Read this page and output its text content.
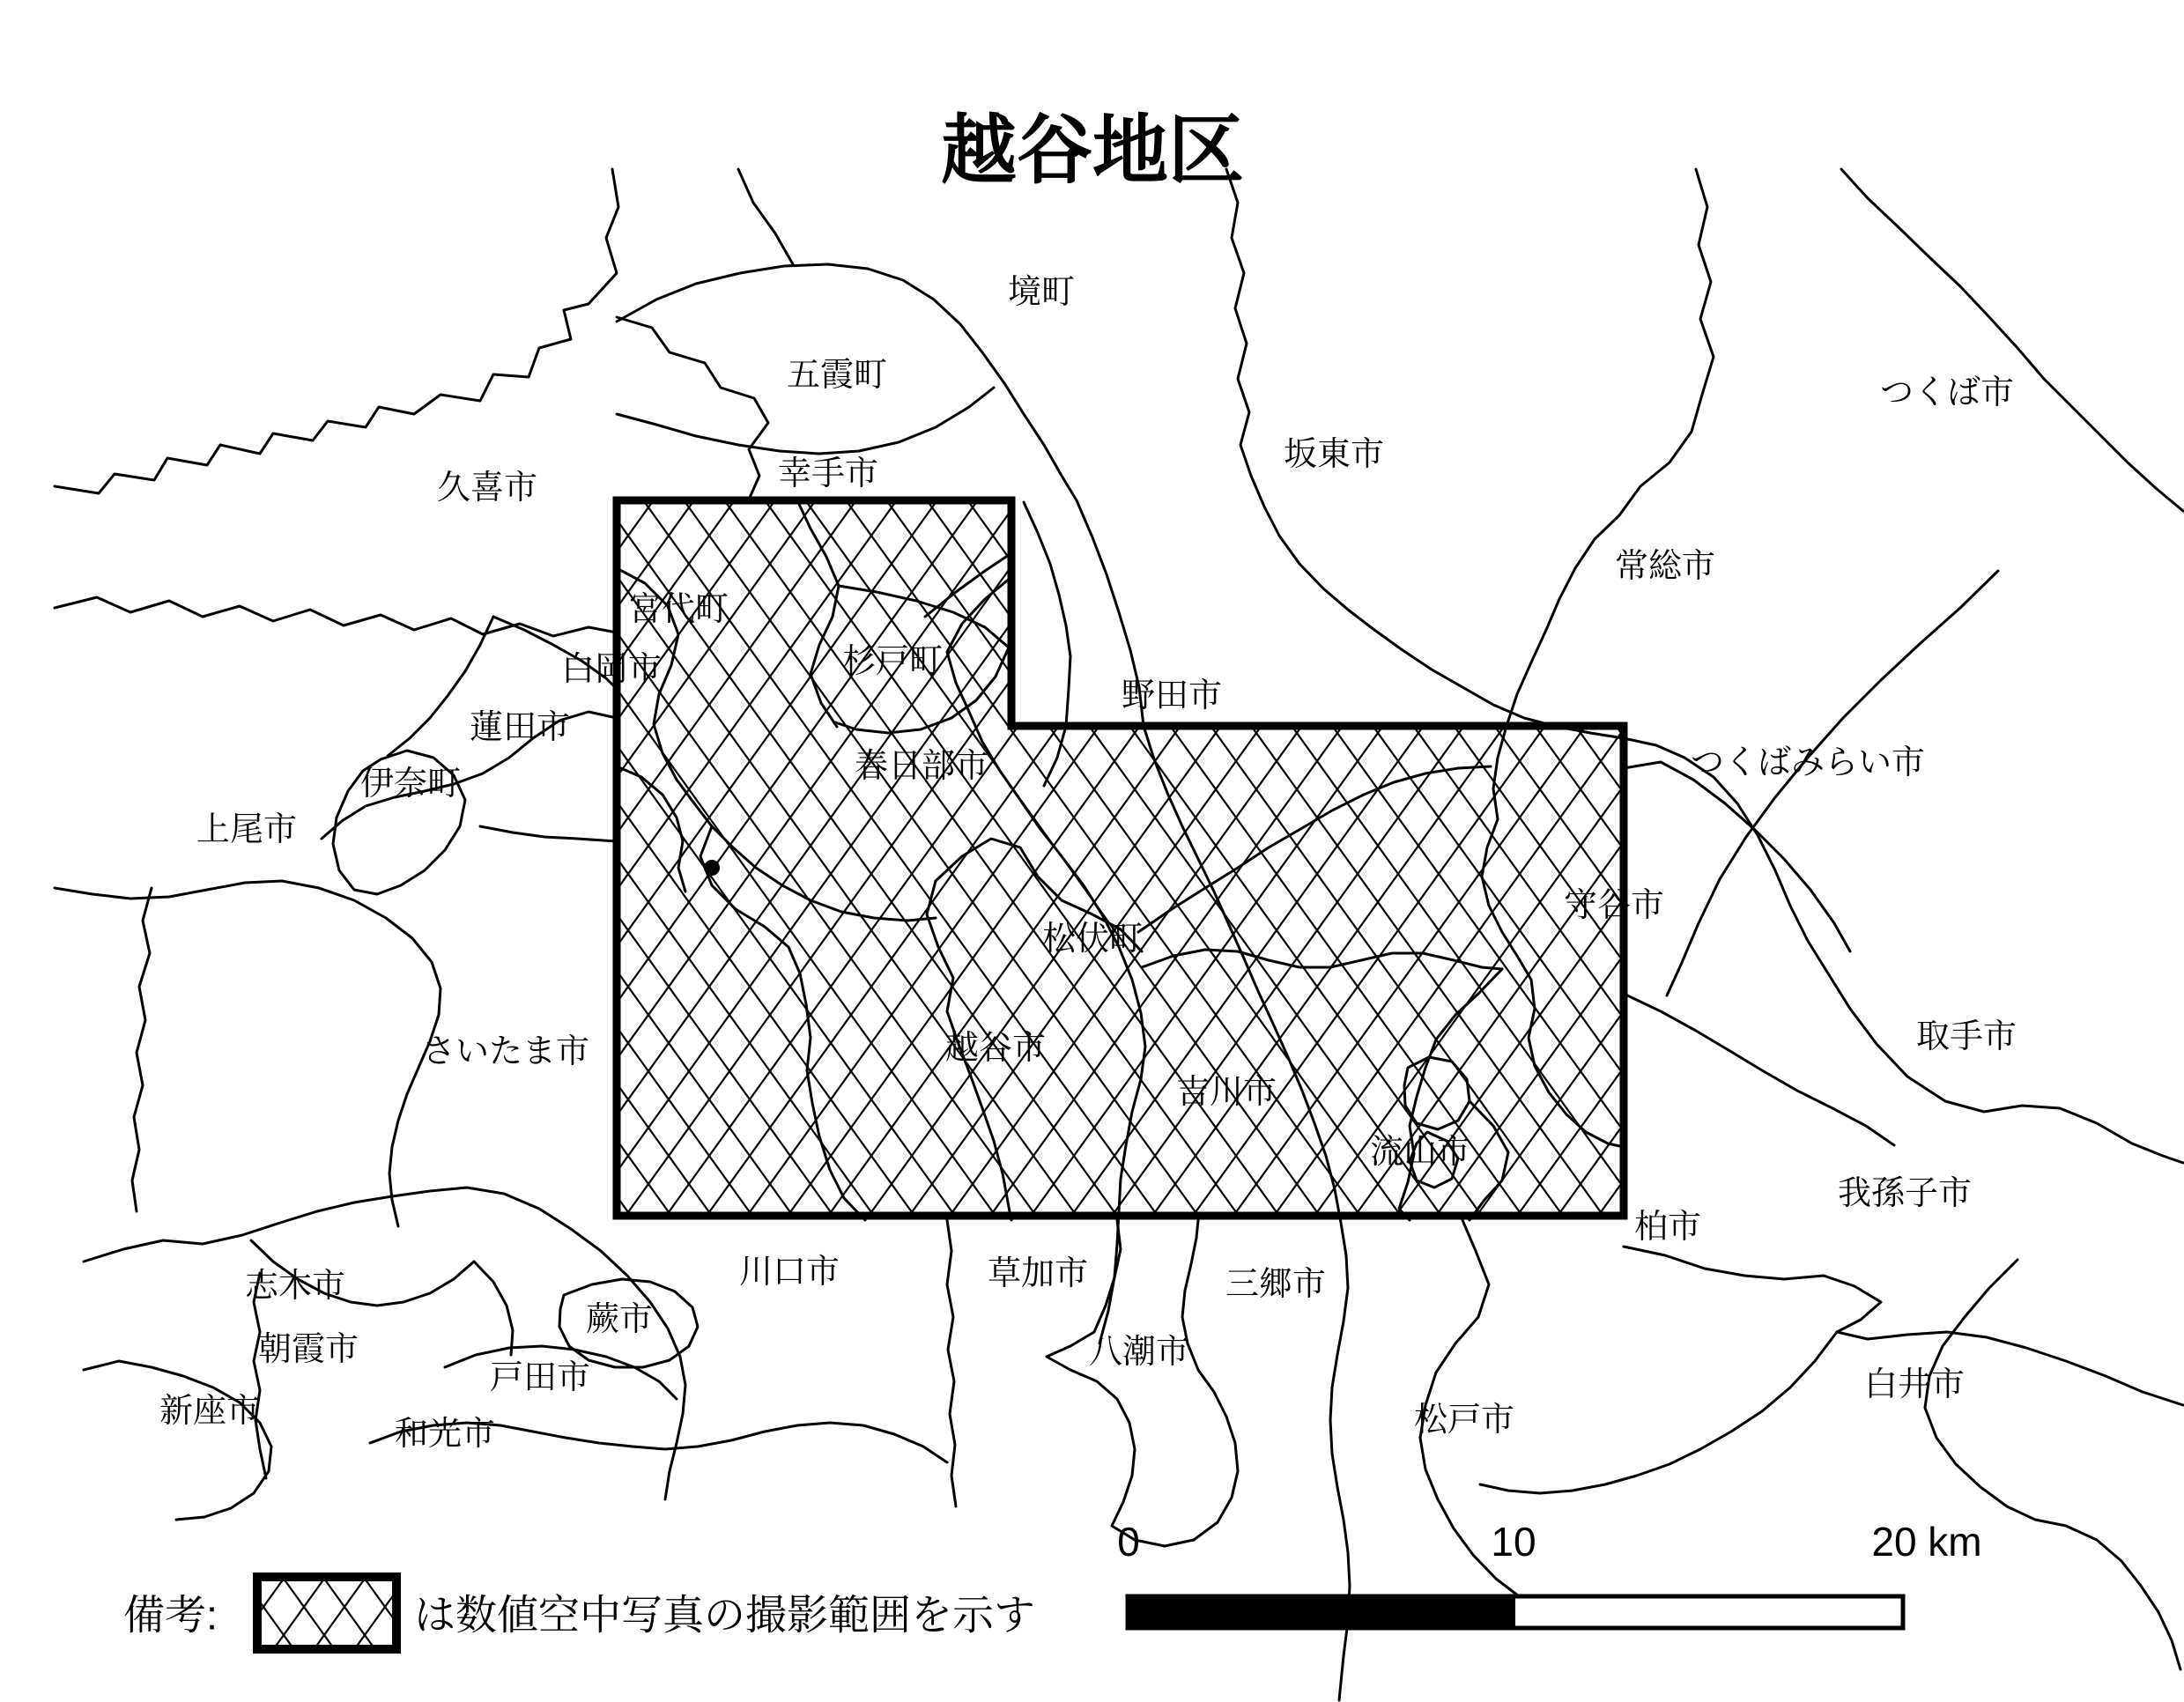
越谷地区
境町
五霞町
幸手市
久喜市
つくば市
坂東市
常総市
宮代町
杉戸町
白岡市
蓮田市
伊奈町
野田市
春日部市	つくばみらい市
上尾市
守谷市
松伏町
越谷市
さいたま市	取手市
吉川市
流山市
我孫子市
柏市
志木市	川口市	草加市	三郷市
八潮市
蕨市
朝霞市
戸田市
新座市
和光市	松戸市
白井市
備考:	は数値空中写真の撮影範囲を示す
0	10	20 km
